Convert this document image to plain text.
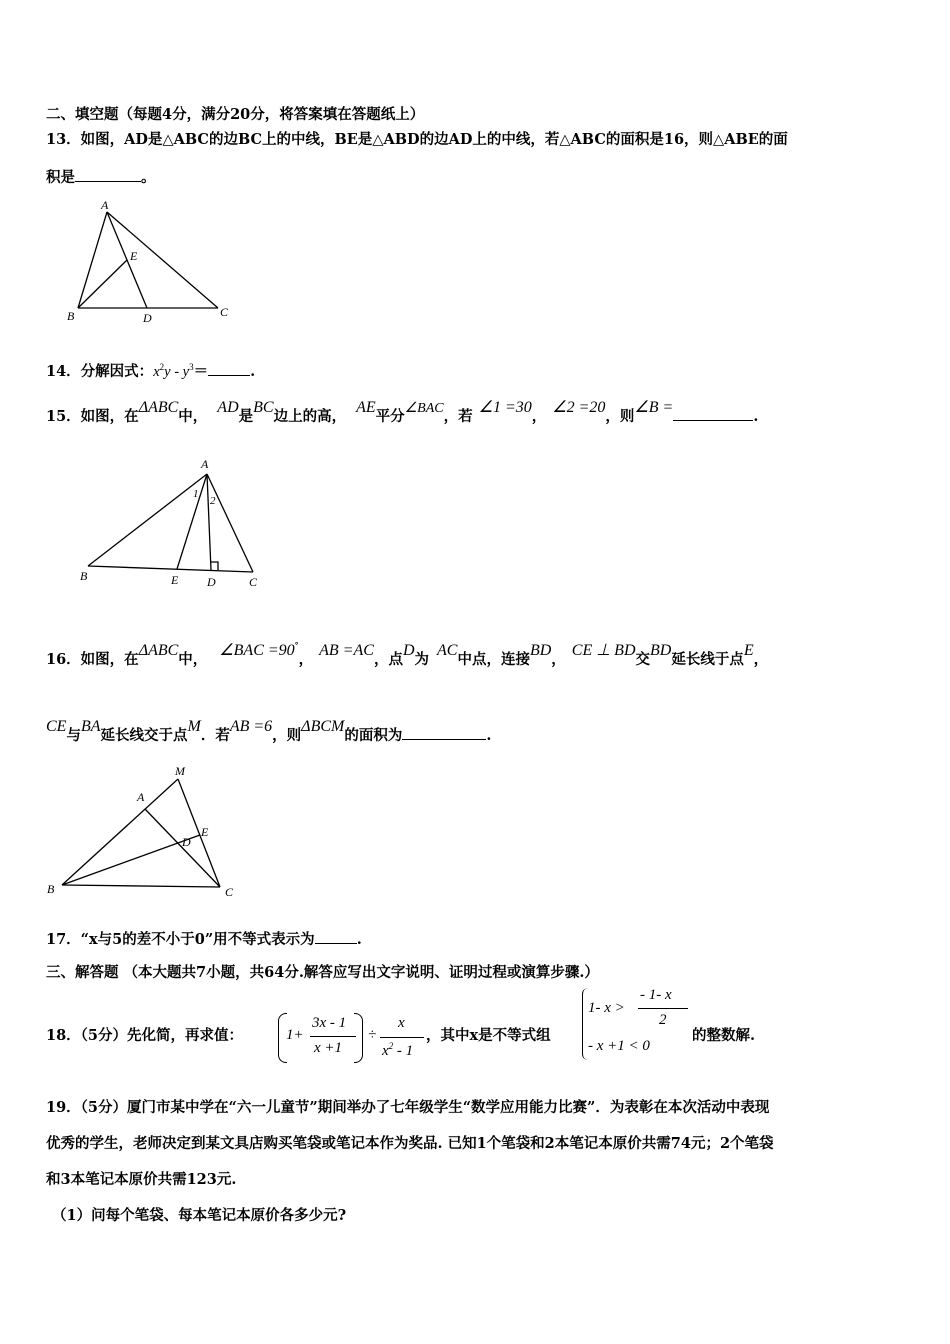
二、填空题（每题4分，满分20分，将答案填在答题纸上）
13．如图，AD是△ABC的边BC上的中线，BE是△ABD的边AD上的中线，若△ABC的面积是16，则△ABE的面
积是	。
A
B	C
D
E
14．分解因式：$x^2y - y^3=$	.
15．如图，在ΔABC中，AD是BC边上的高，AE平分∠BAC，若∠1 =30，∠2 =20，则∠B =.
A
B	C
D
E
1
2
16．如图，在ΔABC中，∠BAC =90°，AB =AC，点D为AC中点，连接BD，CE ⊥ BD交BD延长线于点E，
CE与BA延长线交于点M．若AB =6，则ΔBCM的面积为	.
M
A
D
E
B	C
17．“x与5的差不小于0”用不等式表示为	.
三、解答题 （本大题共7小题，共64分.解答应写出文字说明、证明过程或演算步骤.）
18．（5分）先化简，再求值：	1+
3x - 1
x +1
÷
x
$x^2 - 1$
，其中x是不等式组
1- x >
- 1- x
2
- x +1 < 0
的整数解.
19．（5分）厦门市某中学在“六一儿童节”期间举办了七年级学生“数学应用能力比赛”．为表彰在本次活动中表现
优秀的学生，老师决定到某文具店购买笔袋或笔记本作为奖品. 已知1个笔袋和2本笔记本原价共需74元；2个笔袋
和3本笔记本原价共需123元.
（1）问每个笔袋、每本笔记本原价各多少元?
